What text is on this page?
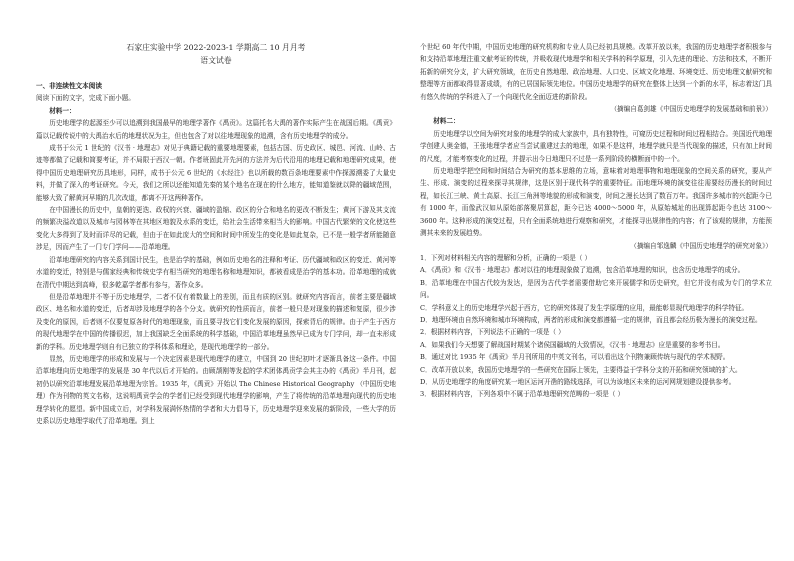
石家庄实验中学 2022-2023-1 学期高二 10 月月考
语文试卷

一、非连续性文本阅读

阅读下面的文字，完成下面小题。

材料一：

历史地理学的起源至少可以追溯到我国最早的地理学著作《禹贡》。这篇托名大禹的著作实际产生在战国后期。《禹贡》篇以记载传说中的大禹治水后的地理状况为主，但也包含了对以往地理现象的追溯，含有历史地理学的成分。

成书于公元 1 世纪的《汉书 · 地理志》对见于典籍记载的重要地理要素，包括古国、历史政区、城邑、河流、山岭、古迹等都做了记载和简要考证，并不局限于西汉一朝。作者班固此开先河的方法并为后代沿用的地理记载和地理研究成果，使得中国历史地理研究历具地形，同样，成书于公元 6 世纪的《水经注》也以所载的数百条地理要素中作探源溯委了大量史料，并做了深入的考证研究。今天，我们之所以还能知道先秦的某个地名在现在的什么地方，能知道鉴就以降的疆域范围，能够大致了解黄河早期的几次改道，都离不开这两种著作。

在中国漫长的历史中，皇朝的更迭、政权的兴衰、疆域的盈缩、政区的分合和地名的更改不断发生；黄河下游及其支流的频繁决溢改道以及城市与园林等在其地区地貌及水系的变迁，给社会生活带来相当大的影响。中国古代繁荣的文化使这些变化大多得到了及时而详尽的记载，但由于在如此庞大的空间和时间中所发生的变化是如此复杂，已不是一般学者所能随意涉足，因而产生了一门专门学问——沿革地理。

沿革地理研究的内容关系到国计民生，也是治学的基础，例如历史地名的注释和考证、历代疆域和政区的变迁、黄河等水道的变迁，特别是与儒家经典和传统史学有相当研究的地理名称和地理知识，都被看成是治学的基本功。沿革地理的成就在清代中期达到高峰，很多乾嘉学者都有参与，著作众多。

但是沿革地理并不等于历史地理学，二者不仅有着数量上的差别，而且有质的区别。就研究内容而言，前者主要是疆域政区、地名和水道的变迁，后者却涉及地理学的各个分支。就研究的性质而言，前者一般只是对现象的描述和复原，很少涉及变化的原因，后者则不仅要复原各时代的地理现象，而且要寻找它们变化发展的原因，探索背后的规律。由于产生于西方的现代地理学在中国的传播很迟，加上我国缺乏全面系统的科学基础，中国沿革地理虽然早已成为专门学问，却一直未形成新的学科。历史地理学则自有已独立的学科体系和理论，是现代地理学的一部分。

显然，历史地理学的形成和发展与一个决定因素是现代地理学的建立，中国到 20 世纪初叶才逐渐具备这一条件。中国沿革地理向历史地理学的发展是 30 年代以后才开始的。由顾颉刚等发起的学术团体禹贡学会其主办的《禹贡》半月刊，起初仍以研究沿革地理发展沿革地理为宗旨。1935 年，《禹贡》开始以 The Chinese Historical Geography （中国历史地理）作为刊物的英文名称，这说明禹贡学会的学者们已经受到现代地理学的影响，产生了将传统的沿革地理向现代的历史地理学转化的愿望。新中国成立后，对学科发展满怀热情的学者和大力倡导下，历史地理学迎来发展的新阶段，一些大学的历史系以历史地理学取代了沿革地理。到上

个世纪 60 年代中期，中国历史地理的研究机构和专业人员已经初具规模。改革开放以来，我国的历史地理学者积极参与和支持沿革地理注重文献考证的传统，并吸收现代地理学和相关学科的科学原理，引入先进的理论、方法和技术，不断开拓新的研究分支，扩大研究领域，在历史自然地理、政治地理、人口史、区域文化地理、环境变迁、历史地理文献研究和整理等方面都取得显著成绩，有的已居国际领先地位。中国历史地理学的研究在整体上达到一个新的水平，标志着这门具有悠久传统的学科进入了一个向现代化全面迈进的新阶段。

（摘编自葛剑雄《中国历史地理学的发展基础和前景》）

材料二：

历史地理学以空间为研究对象的地理学的成大家族中，具有独特性，可窥历史过程和时间过程相结合。美国近代地理学创建人奥金德，王张地理学者应当尝试重建过去的地理，如果不是这样，地理学就只是当代现象的描述，只有加上时间的尺度，才能考察变化的过程，并提示出今日地理只不过是一系列阶段的横断面中的一个。

历史地理学把空间和时间结合为研究的基本思维的立场，意味着对地理事物和地理现象的空间关系的研究，要从产生、形成、演变的过程来探寻其规律，这是区别于现代科学的重要特征。而地理环境的演变往往需要经历漫长的时间过程，如长江三峡、黄土高原、长江三角洲等地貌的形成和演变，时间之漫长达到了数百万年。我国许多城市的兴起距今已有 1000 年，而像武汉如从原始部落聚居算起，距今已达 4000～5000 年，从原始城址的出现算起距今也达 3100～3600 年。这种形成的演变过程，只有全面系统地进行观察和研究，才能探寻出规律性的内容；有了该观的规律，方能预测其未来的发展趋势。

（摘编自邹逸麟《中国历史地理学的研究对象》）

1．下列对材料相关内容的理解和分析，正确的一项是（ ）

A．《禹贡》和《汉书 · 地理志》都对以往的地理现象做了追溯，包含沿革地理的知识，也含历史地理学的成分。

B．沿革地理在中国古代较为发达，是因为古代学者需要借助它来开展儒学和历史研究，但它并没有成为专门的学术立问。

C．学科意义上的历史地理学兴起于西方，它的研究体现了发生学原理的应用，最能彰显现代地理学的科学特征。

D．地理环境由自然环境和城市环境构成，两者的形成和演变都遵循一定的规律，而且都会经历极为漫长的演变过程。

2．根据材料内容，下列说法不正确的一项是（ ）

A．如果我们今天想要了解战国时期某个诸侯国疆域的大致情况，《汉书 · 地理志》应是重要的参考书目。

B．通过对比 1935 年《禹贡》半月刊所用的中英文刊名，可以看出这个刊物兼顾传统与现代的学术视野。

C．改革开放以来，我国历史地理学的一些研究在国际上领先，主要得益于学科分支的开拓和研究领域的扩大。

D．从历史地理学的角度研究某一地区运河开凿的路线选择，可以为该地区未来的运河网规划建设提供参考。

3．根据材料内容，下列各项中不属于沿革地理研究范畴的一项是（ ）
